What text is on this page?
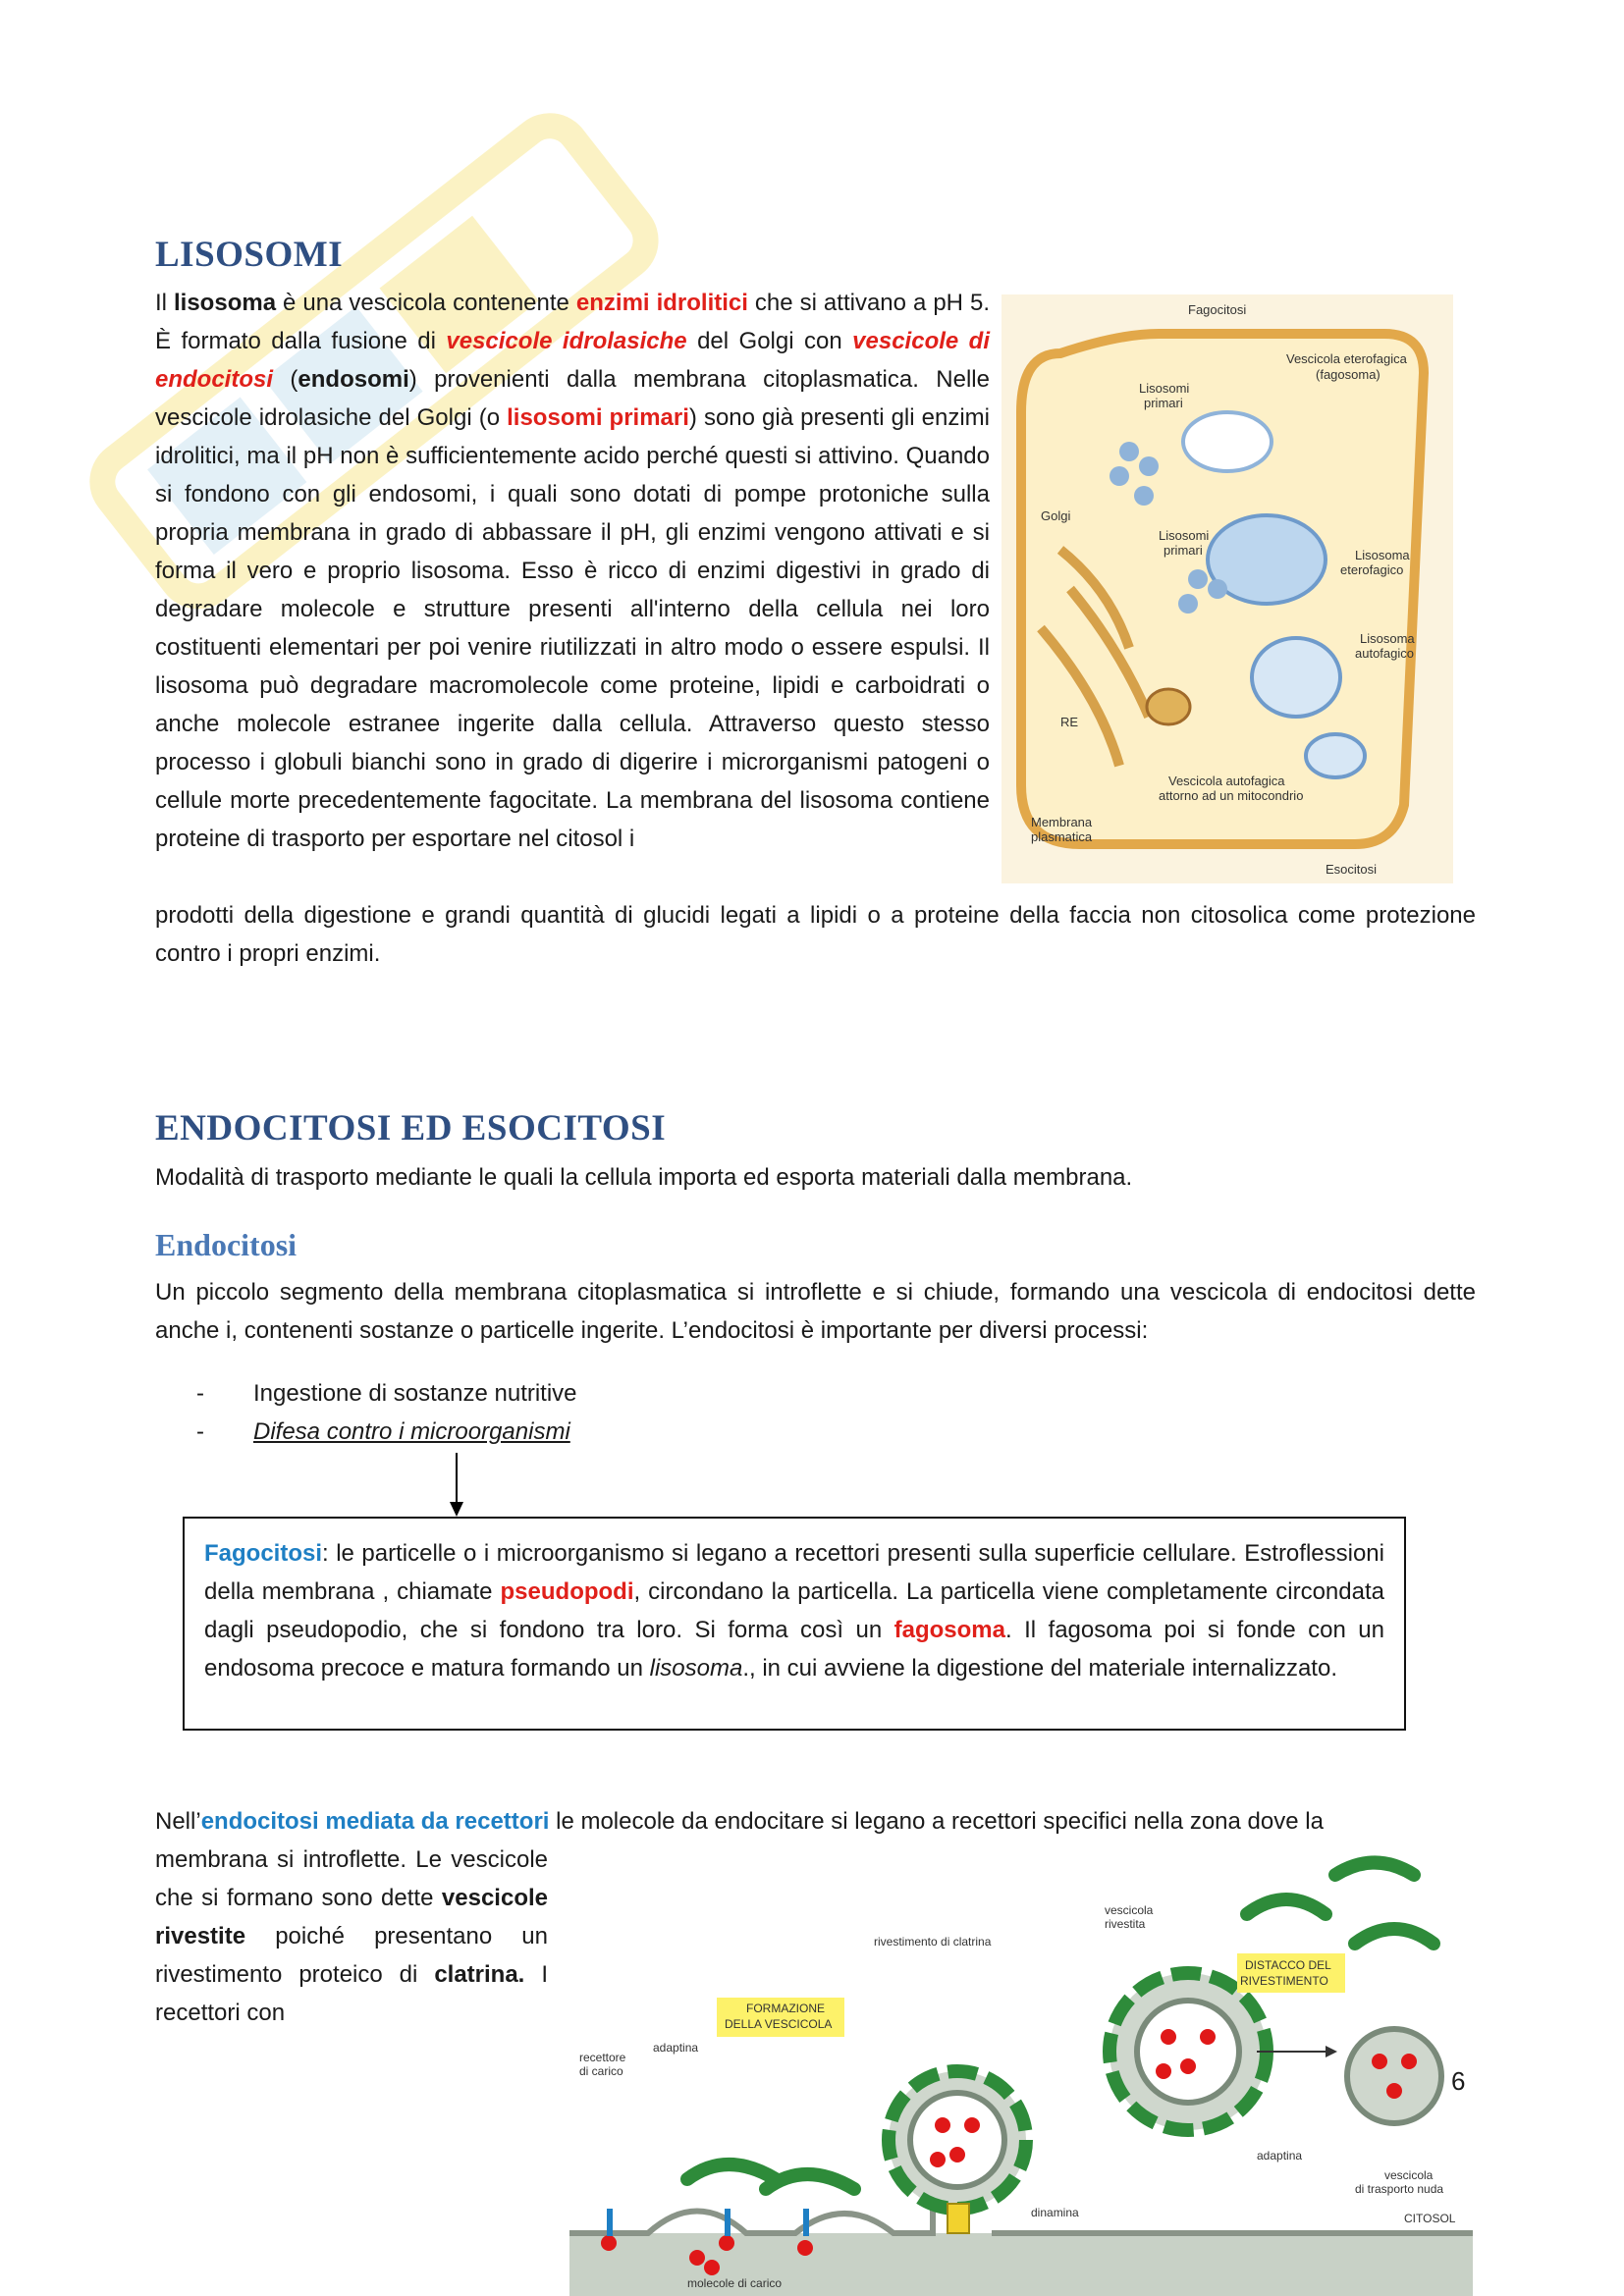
LISOSOMI
Il lisosoma è una vescicola contenente enzimi idrolitici che si attivano a pH 5. È formato dalla fusione di vescicole idrolasiche del Golgi con vescicole di endocitosi (endosomi) provenienti dalla membrana citoplasmatica. Nelle vescicole idrolasiche del Golgi (o lisosomi primari) sono già presenti gli enzimi idrolitici, ma il pH non è sufficientemente acido perché questi si attivino. Quando si fondono con gli endosomi, i quali sono dotati di pompe protoniche sulla propria membrana in grado di abbassare il pH, gli enzimi vengono attivati e si forma il vero e proprio lisosoma. Esso è ricco di enzimi digestivi in grado di degradare molecole e strutture presenti all'interno della cellula nei loro costituenti elementari per poi venire riutilizzati in altro modo o essere espulsi. Il lisosoma può degradare macromolecole come proteine, lipidi e carboidrati o anche molecole estranee ingerite dalla cellula. Attraverso questo stesso processo i globuli bianchi sono in grado di digerire i microrganismi patogeni o cellule morte precedentemente fagocitate. La membrana del lisosoma contiene proteine di trasporto per esportare nel citosol i
prodotti della digestione e grandi quantità di glucidi legati a lipidi o a proteine della faccia non citosolica come protezione contro i propri enzimi.
Fagocitosi
Vescicola eterofagica
(fagosoma)
Lisosomi
primari
Golgi
Lisosomi
primari	Lisosoma
eterofagico
Lisosoma
autofagico
RE
Vescicola autofagica
attorno ad un mitocondrio
Membrana
plasmatica
Esocitosi
ENDOCITOSI ED ESOCITOSI
Modalità di trasporto mediante le quali la cellula importa ed esporta materiali dalla membrana.
Endocitosi
Un piccolo segmento della membrana citoplasmatica si introflette e si chiude, formando una vescicola di endocitosi dette anche i, contenenti sostanze o particelle ingerite. L’endocitosi è importante per diversi processi:
-	Ingestione di sostanze nutritive
-	Difesa contro i microorganismi
Fagocitosi: le particelle o i microorganismo si legano a recettori presenti sulla superficie cellulare. Estroflessioni della membrana , chiamate pseudopodi, circondano la particella. La particella viene completamente circondata dagli pseudopodio, che si fondono tra loro. Si forma così un fagosoma. Il fagosoma poi si fonde con un endosoma precoce e matura formando un lisosoma., in cui avviene la digestione del materiale internalizzato.
Nell’endocitosi mediata da recettori le molecole da endocitare si legano a recettori specifici nella zona dove la
membrana si introflette. Le vescicole che si formano sono dette vescicole rivestite poiché presentano un rivestimento proteico di clatrina. I recettori con
vescicola
rivestita
rivestimento di clatrina
DISTACCO DEL
RIVESTIMENTO
FORMAZIONE
DELLA VESCICOLA
recettore
di carico
adaptina
adaptina
dinamina
vescicola
di trasporto nuda
CITOSOL
molecole di carico
6
